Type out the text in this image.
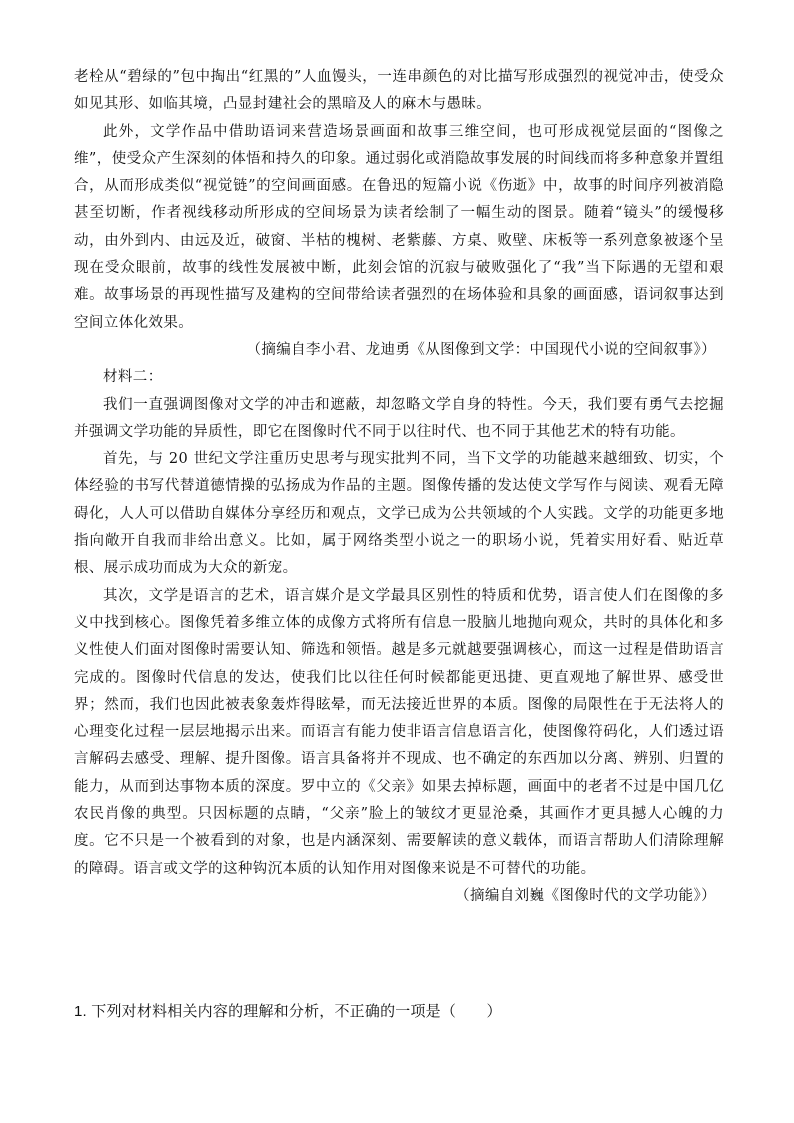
老栓从“碧绿的”包中掏出“红黑的”人血馒头，一连串颜色的对比描写形成强烈的视觉冲击，使受众如见其形、如临其境，凸显封建社会的黑暗及人的麻木与愚昧。

此外，文学作品中借助语词来营造场景画面和故事三维空间，也可形成视觉层面的“图像之维”，使受众产生深刻的体悟和持久的印象。通过弱化或消隐故事发展的时间线而将多种意象并置组合，从而形成类似“视觉链”的空间画面感。在鲁迅的短篇小说《伤逝》中，故事的时间序列被消隐甚至切断，作者视线移动所形成的空间场景为读者绘制了一幅生动的图景。随着“镜头”的缓慢移动，由外到内、由远及近，破窗、半枯的槐树、老紫藤、方桌、败壁、床板等一系列意象被逐个呈现在受众眼前，故事的线性发展被中断，此刻会馆的沉寂与破败强化了“我”当下际遇的无望和艰难。故事场景的再现性描写及建构的空间带给读者强烈的在场体验和具象的画面感，语词叙事达到空间立体化效果。

（摘编自李小君、龙迪勇《从图像到文学：中国现代小说的空间叙事》）

材料二：

我们一直强调图像对文学的冲击和遮蔽，却忽略文学自身的特性。今天，我们要有勇气去挖掘并强调文学功能的异质性，即它在图像时代不同于以往时代、也不同于其他艺术的特有功能。

首先，与 20 世纪文学注重历史思考与现实批判不同，当下文学的功能越来越细致、切实，个体经验的书写代替道德情操的弘扬成为作品的主题。图像传播的发达使文学写作与阅读、观看无障碍化，人人可以借助自媒体分享经历和观点，文学已成为公共领域的个人实践。文学的功能更多地指向敞开自我而非给出意义。比如，属于网络类型小说之一的职场小说，凭着实用好看、贴近草根、展示成功而成为大众的新宠。

其次，文学是语言的艺术，语言媒介是文学最具区别性的特质和优势，语言使人们在图像的多义中找到核心。图像凭着多维立体的成像方式将所有信息一股脑儿地抛向观众，共时的具体化和多义性使人们面对图像时需要认知、筛选和领悟。越是多元就越要强调核心，而这一过程是借助语言完成的。图像时代信息的发达，使我们比以往任何时候都能更迅捷、更直观地了解世界、感受世界；然而，我们也因此被表象轰炸得眩晕，而无法接近世界的本质。图像的局限性在于无法将人的心理变化过程一层层地揭示出来。而语言有能力使非语言信息语言化，使图像符码化，人们透过语言解码去感受、理解、提升图像。语言具备将并不现成、也不确定的东西加以分离、辨别、归置的能力，从而到达事物本质的深度。罗中立的《父亲》如果去掉标题，画面中的老者不过是中国几亿农民肖像的典型。只因标题的点睛，“父亲”脸上的皱纹才更显沧桑，其画作才更具撼人心魄的力度。它不只是一个被看到的对象，也是内涵深刻、需要解读的意义载体，而语言帮助人们清除理解的障碍。语言或文学的这种钩沉本质的认知作用对图像来说是不可替代的功能。

（摘编自刘巍《图像时代的文学功能》）

1. 下列对材料相关内容的理解和分析，不正确的一项是（　　）
